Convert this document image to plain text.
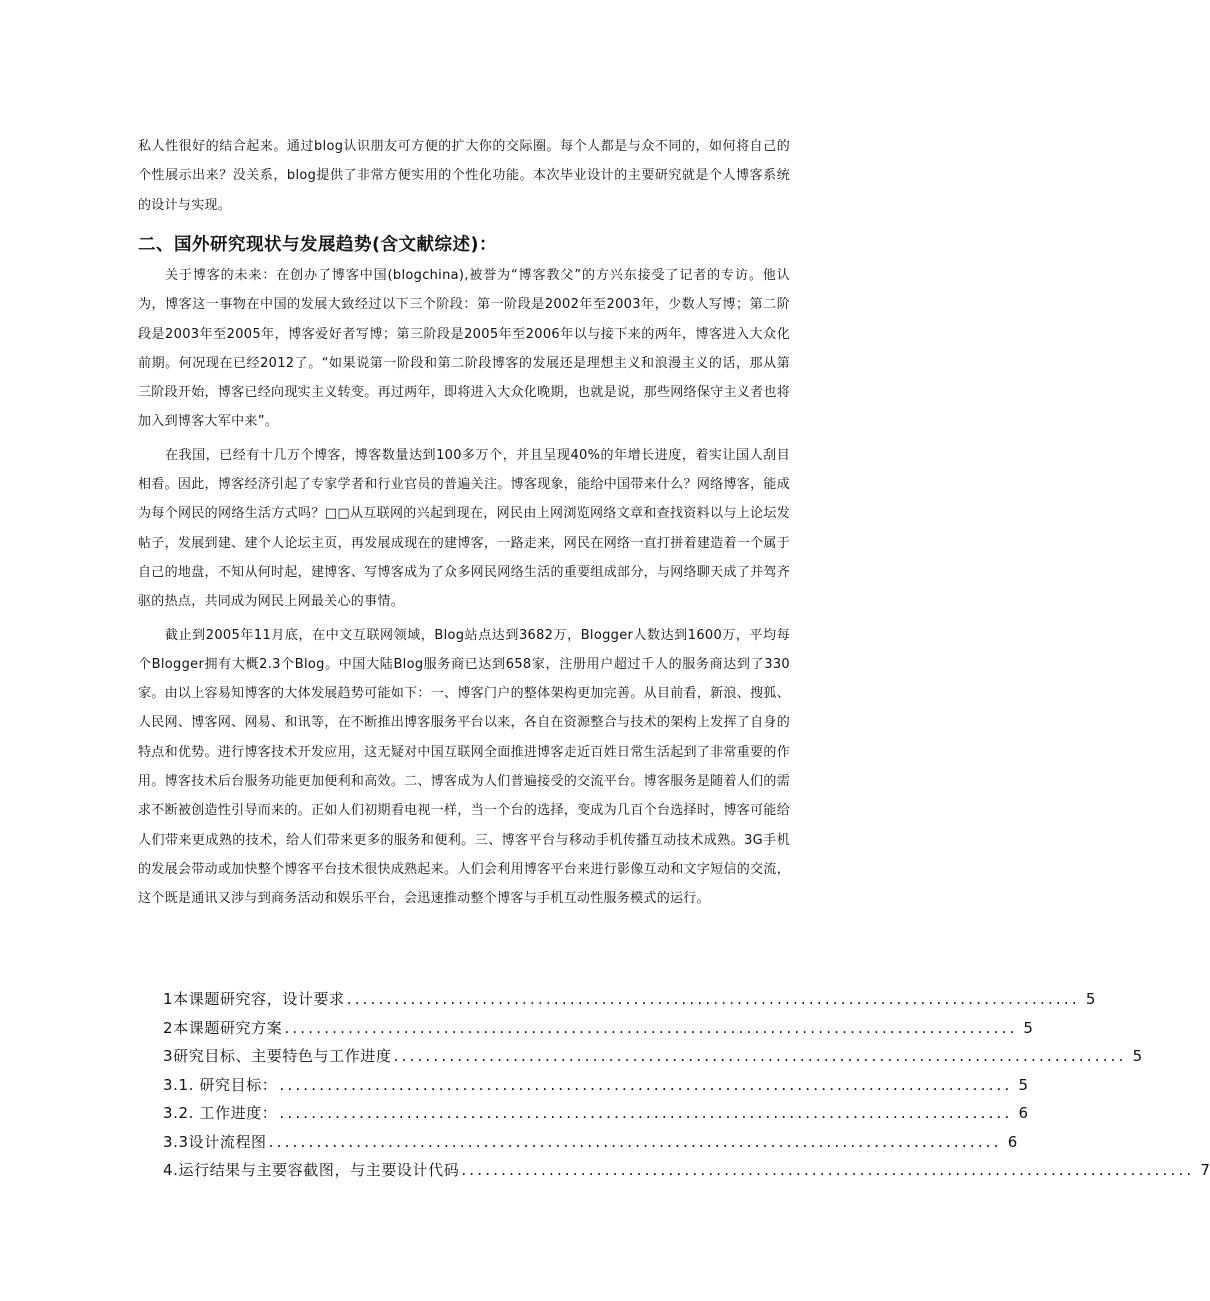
私人性很好的结合起来。通过blog认识朋友可方便的扩大你的交际圈。每个人都是与众不同的，如何将自己的个性展示出来？没关系，blog提供了非常方便实用的个性化功能。本次毕业设计的主要研究就是个人博客系统的设计与实现。

二、国外研究现状与发展趋势(含文献综述)：

关于博客的未来：在创办了博客中国(blogchina),被誉为“博客教父”的方兴东接受了记者的专访。他认为，博客这一事物在中国的发展大致经过以下三个阶段：第一阶段是2002年至2003年，少数人写博；第二阶段是2003年至2005年，博客爱好者写博；第三阶段是2005年至2006年以与接下来的两年，博客进入大众化前期。何况现在已经2012了。“如果说第一阶段和第二阶段博客的发展还是理想主义和浪漫主义的话，那从第三阶段开始，博客已经向现实主义转变。再过两年，即将进入大众化晚期，也就是说，那些网络保守主义者也将加入到博客大军中来”。

在我国，已经有十几万个博客，博客数量达到100多万个，并且呈现40%的年增长进度，着实让国人刮目相看。因此，博客经济引起了专家学者和行业官员的普遍关注。博客现象，能给中国带来什么？网络博客，能成为每个网民的网络生活方式吗？□□从互联网的兴起到现在，网民由上网浏览网络文章和查找资料以与上论坛发帖子，发展到建、建个人论坛主页，再发展成现在的建博客，一路走来，网民在网络一直打拼着建造着一个属于自己的地盘，不知从何时起，建博客、写博客成为了众多网民网络生活的重要组成部分，与网络聊天成了并驾齐驱的热点，共同成为网民上网最关心的事情。

截止到2005年11月底，在中文互联网领域，Blog站点达到3682万，Blogger人数达到1600万，平均每个Blogger拥有大概2.3个Blog。中国大陆Blog服务商已达到658家，注册用户超过千人的服务商达到了330家。由以上容易知博客的大体发展趋势可能如下：一、博客门户的整体架构更加完善。从目前看，新浪、搜狐、人民网、博客网、网易、和讯等，在不断推出博客服务平台以来，各自在资源整合与技术的架构上发挥了自身的特点和优势。进行博客技术开发应用，这无疑对中国互联网全面推进博客走近百姓日常生活起到了非常重要的作用。博客技术后台服务功能更加便利和高效。二、博客成为人们普遍接受的交流平台。博客服务是随着人们的需求不断被创造性引导而来的。正如人们初期看电视一样，当一个台的选择，变成为几百个台选择时，博客可能给人们带来更成熟的技术，给人们带来更多的服务和便利。三、博客平台与移动手机传播互动技术成熟。3G手机的发展会带动或加快整个博客平台技术很快成熟起来。人们会利用博客平台来进行影像互动和文字短信的交流，这个既是通讯又涉与到商务活动和娱乐平台，会迅速推动整个博客与手机互动性服务模式的运行。

1本课题研究容，设计要求 ............................................................................................ 5
2本课题研究方案 ............................................................................................ 5
3研究目标、主要特色与工作进度 ............................................................................................ 5
3.1. 研究目标： ............................................................................................ 5
3.2. 工作进度： ............................................................................................ 6
3.3设计流程图 ............................................................................................ 6
4.运行结果与主要容截图，与主要设计代码 ............................................................................................ 7
